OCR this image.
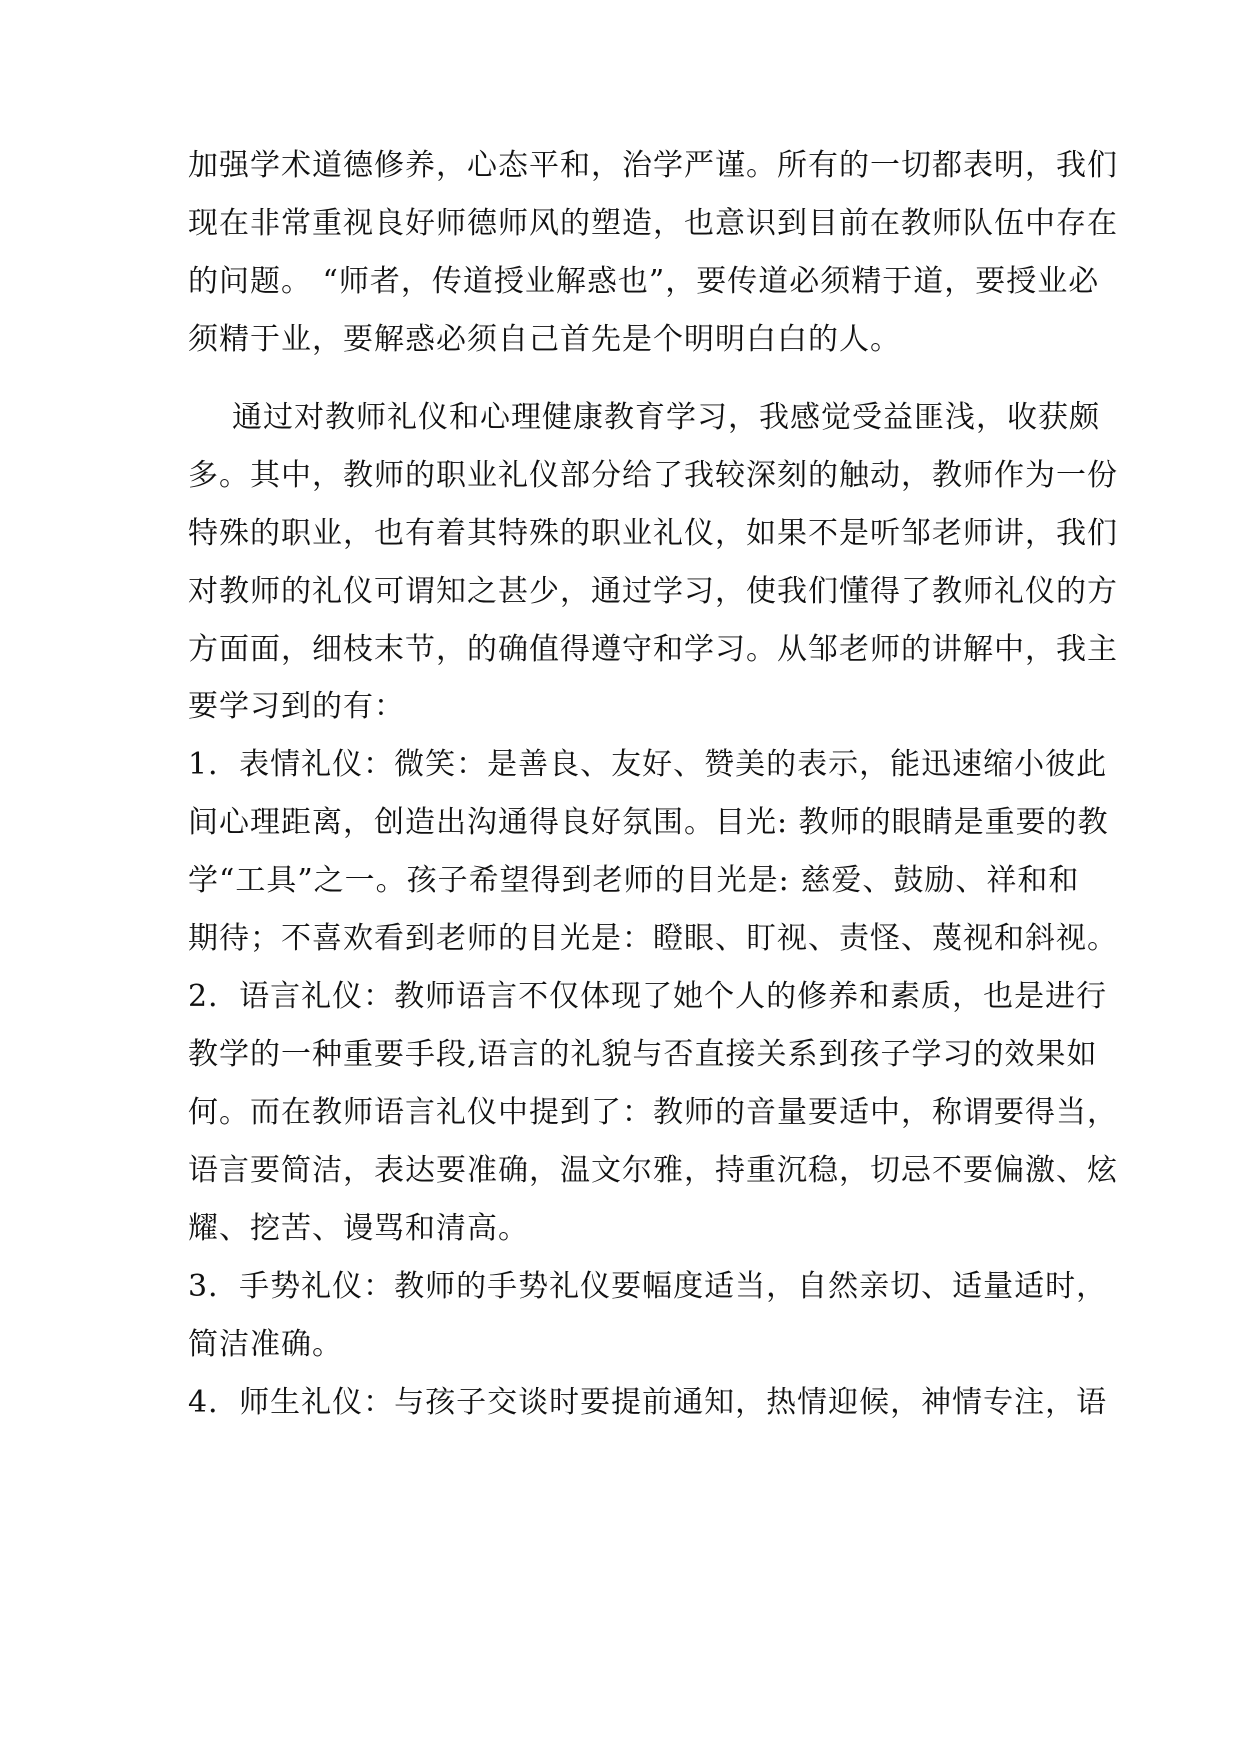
加强学术道德修养，心态平和，治学严谨。所有的一切都表明，我们
现在非常重视良好师德师风的塑造，也意识到目前在教师队伍中存在
的问题。 “师者，传道授业解惑也”，要传道必须精于道，要授业必
须精于业，要解惑必须自己首先是个明明白白的人。
通过对教师礼仪和心理健康教育学习，我感觉受益匪浅，收获颇
多。其中，教师的职业礼仪部分给了我较深刻的触动，教师作为一份
特殊的职业，也有着其特殊的职业礼仪，如果不是听邹老师讲，我们
对教师的礼仪可谓知之甚少，通过学习，使我们懂得了教师礼仪的方
方面面，细枝末节，的确值得遵守和学习。从邹老师的讲解中，我主
要学习到的有：
1．表情礼仪：微笑：是善良、友好、赞美的表示，能迅速缩小彼此
间心理距离，创造出沟通得良好氛围。目光: 教师的眼睛是重要的教
学“工具”之一。孩子希望得到老师的目光是: 慈爱、鼓励、祥和和
期待；不喜欢看到老师的目光是：瞪眼、盯视、责怪、蔑视和斜视。
2．语言礼仪：教师语言不仅体现了她个人的修养和素质，也是进行
教学的一种重要手段,语言的礼貌与否直接关系到孩子学习的效果如
何。而在教师语言礼仪中提到了：教师的音量要适中，称谓要得当，
语言要简洁，表达要准确，温文尔雅，持重沉稳，切忌不要偏激、炫
耀、挖苦、谩骂和清高。
3．手势礼仪：教师的手势礼仪要幅度适当，自然亲切、适量适时，
简洁准确。
4．师生礼仪：与孩子交谈时要提前通知，热情迎候，神情专注，语
